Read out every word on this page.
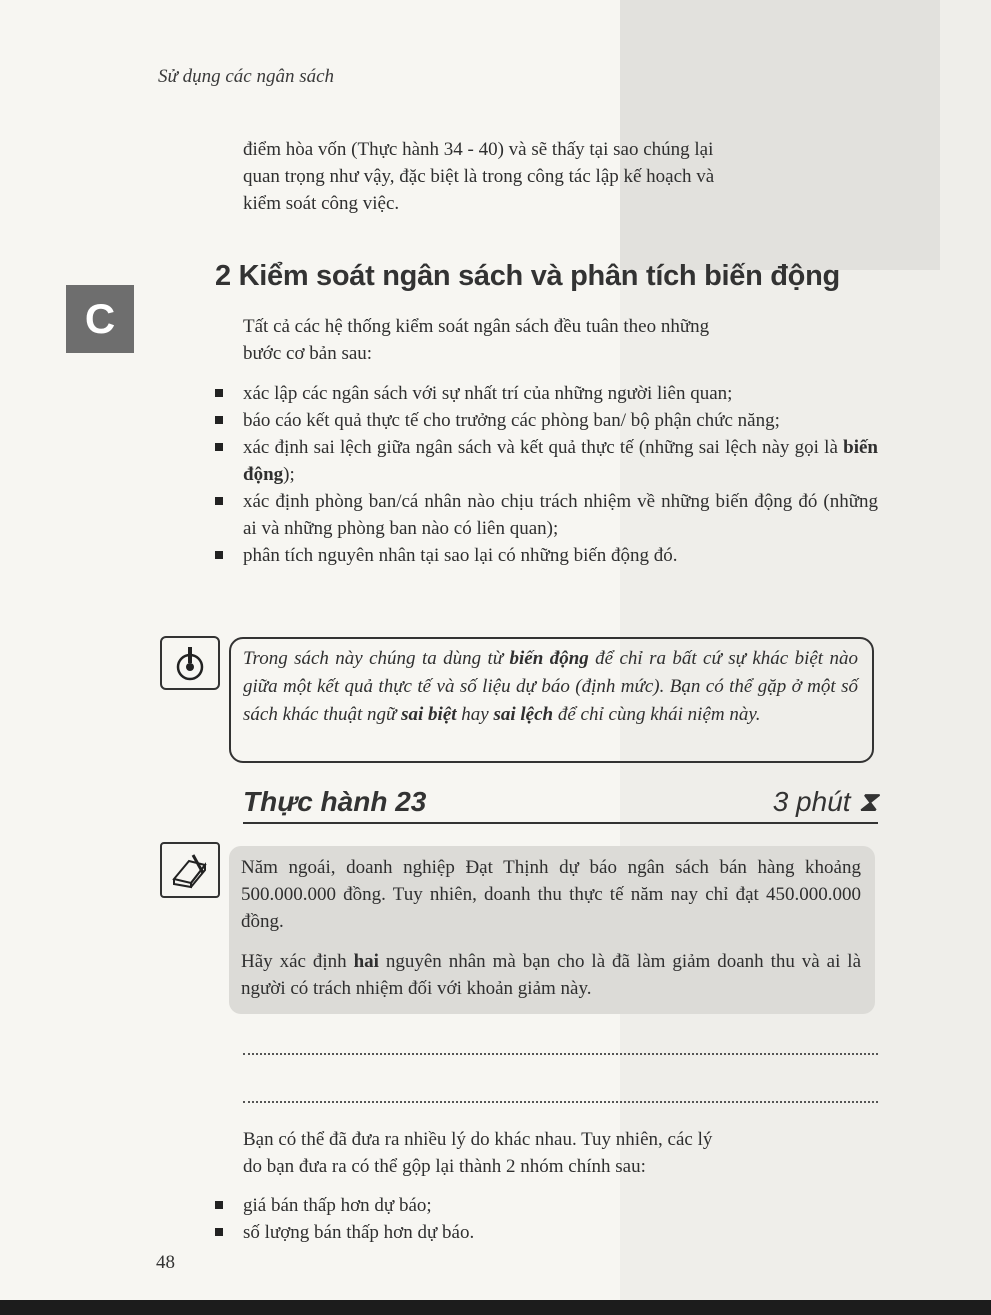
Sử dụng các ngân sách
điểm hòa vốn (Thực hành 34 - 40) và sẽ thấy tại sao chúng lại
quan trọng như vậy, đặc biệt là trong công tác lập kế hoạch và
kiểm soát công việc.
C
2 Kiểm soát ngân sách và phân tích biến động
Tất cả các hệ thống kiểm soát ngân sách đều tuân theo những
bước cơ bản sau:
xác lập các ngân sách với sự nhất trí của những người liên quan;
báo cáo kết quả thực tế cho trưởng các phòng ban/ bộ phận chức năng;
xác định sai lệch giữa ngân sách và kết quả thực tế (những sai lệch này gọi là biến động);
xác định phòng ban/cá nhân nào chịu trách nhiệm về những biến động đó (những ai và những phòng ban nào có liên quan);
phân tích nguyên nhân tại sao lại có những biến động đó.
Trong sách này chúng ta dùng từ biến động để chỉ ra bất cứ sự khác biệt nào giữa một kết quả thực tế và số liệu dự báo (định mức). Bạn có thể gặp ở một số sách khác thuật ngữ sai biệt hay sai lệch để chỉ cùng khái niệm này.
Thực hành 23	3 phút ⧗

Năm ngoái, doanh nghiệp Đạt Thịnh dự báo ngân sách bán hàng khoảng 500.000.000 đồng. Tuy nhiên, doanh thu thực tế năm nay chỉ đạt 450.000.000 đồng.

Hãy xác định hai nguyên nhân mà bạn cho là đã làm giảm doanh thu và ai là người có trách nhiệm đối với khoản giảm này.

Bạn có thể đã đưa ra nhiều lý do khác nhau. Tuy nhiên, các lý
do bạn đưa ra có thể gộp lại thành 2 nhóm chính sau:
giá bán thấp hơn dự báo;
số lượng bán thấp hơn dự báo.
48
